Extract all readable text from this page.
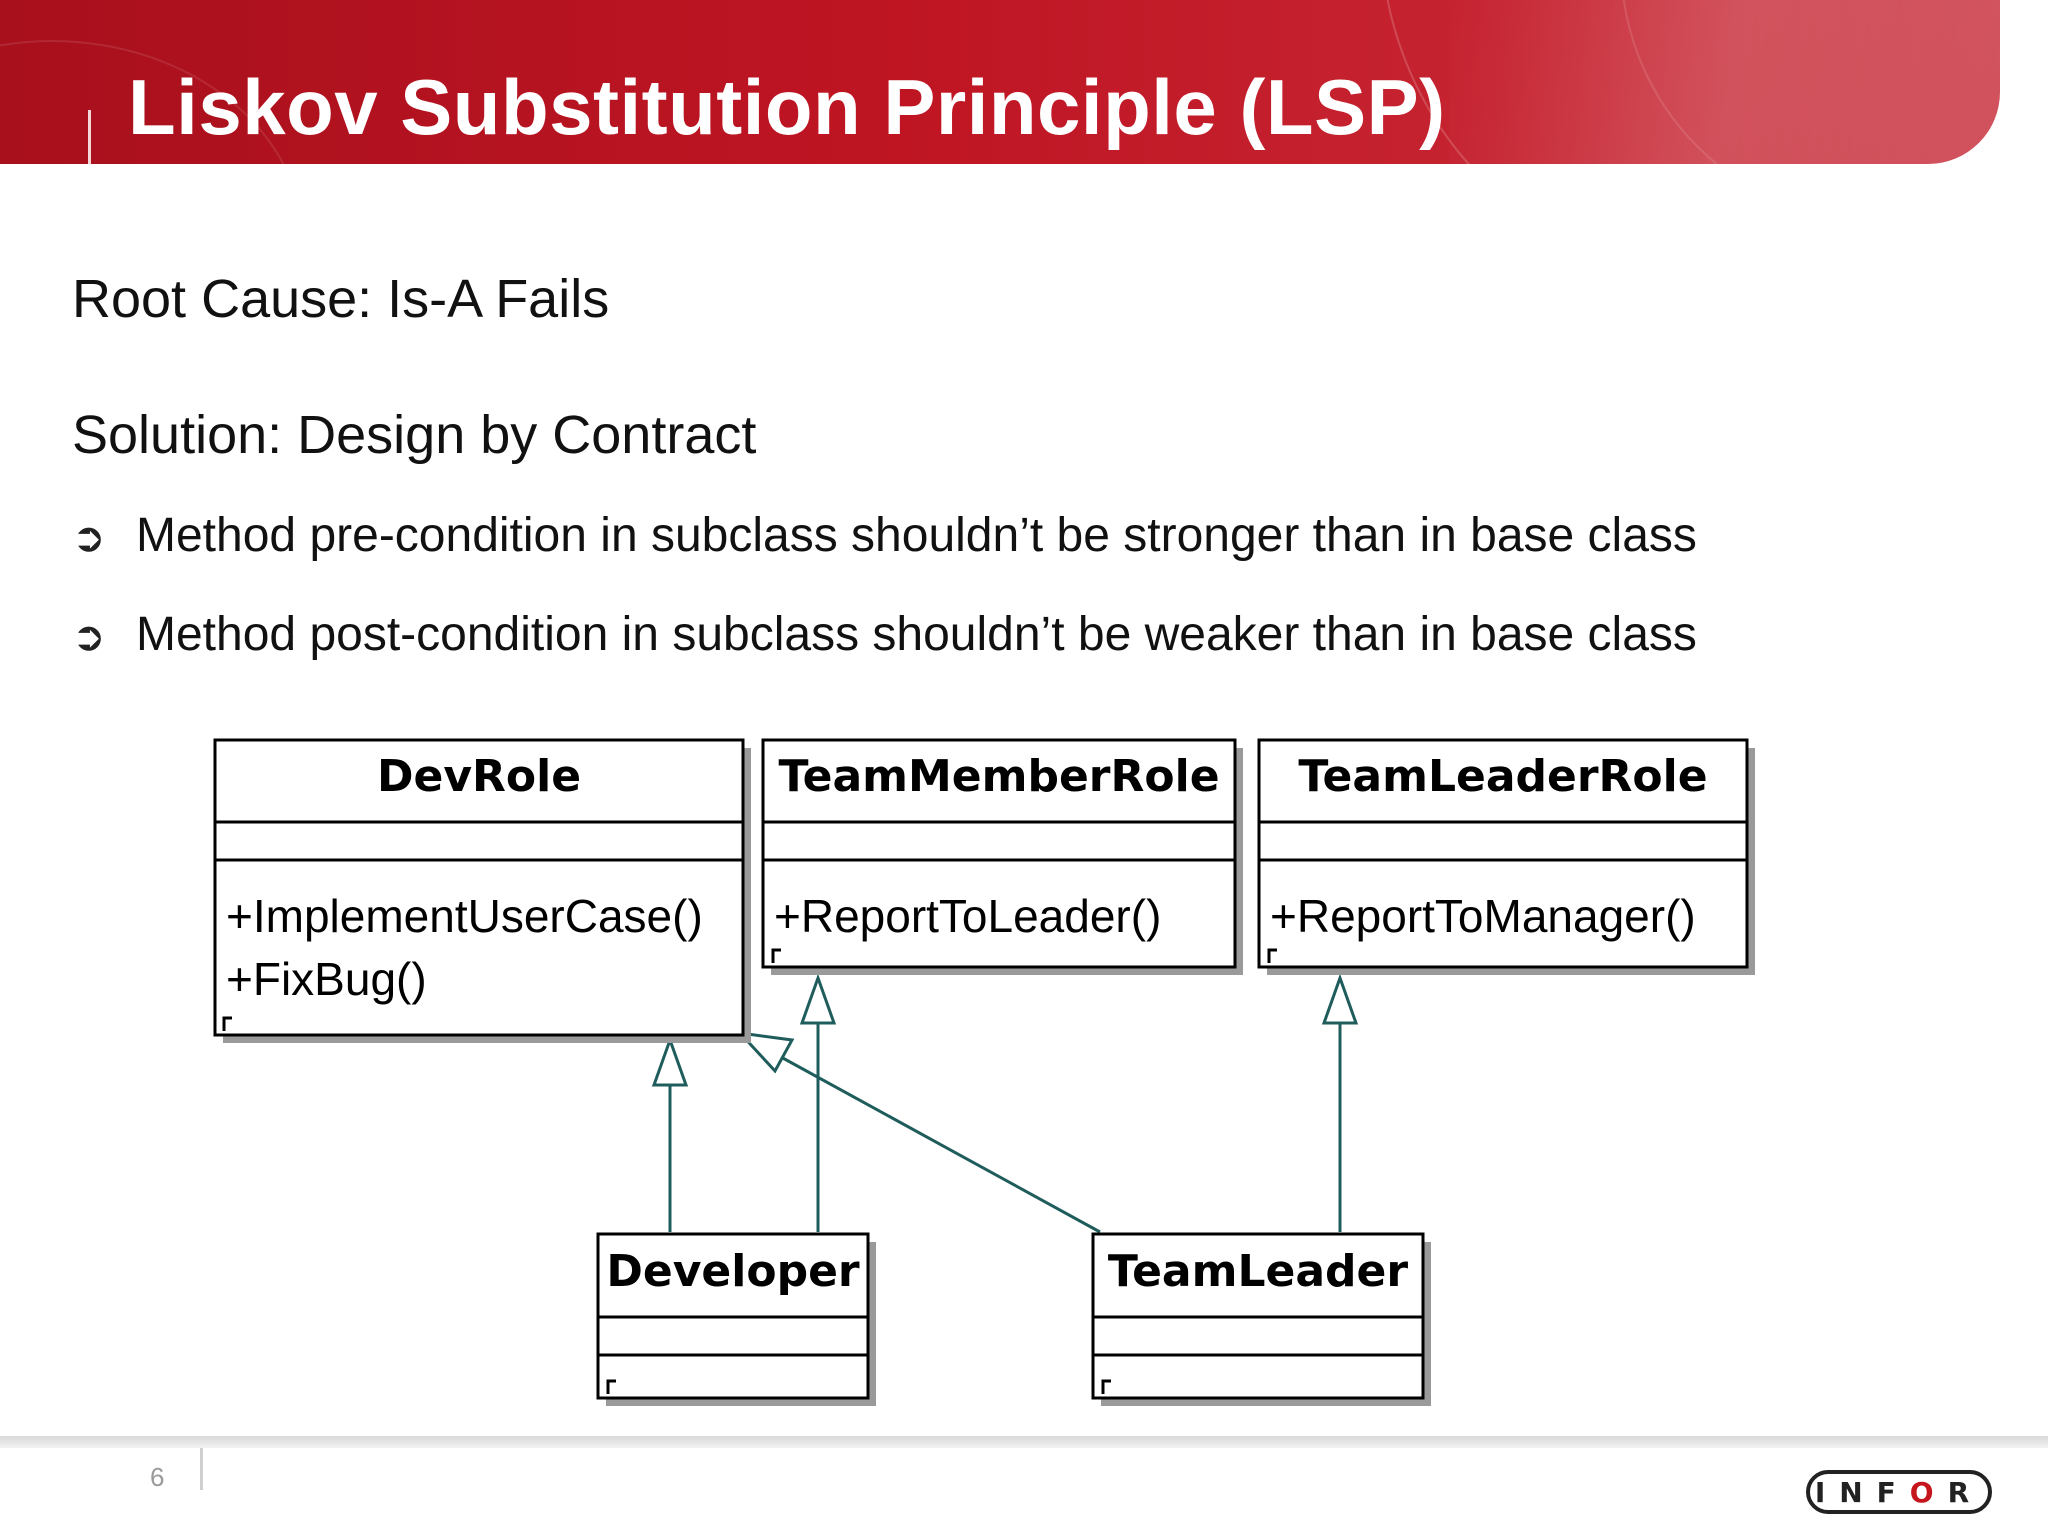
Liskov Substitution Principle (LSP)
Root Cause: Is-A Fails
Solution: Design by Contract
➲ Method pre-condition in subclass shouldn’t be stronger than in base class
➲ Method post-condition in subclass shouldn’t be weaker than in base class
DevRole
+ImplementUserCase()
+FixBug()
TeamMemberRole
+ReportToLeader()
TeamLeaderRole
+ReportToManager()
Developer	TeamLeader
6	INF O R
